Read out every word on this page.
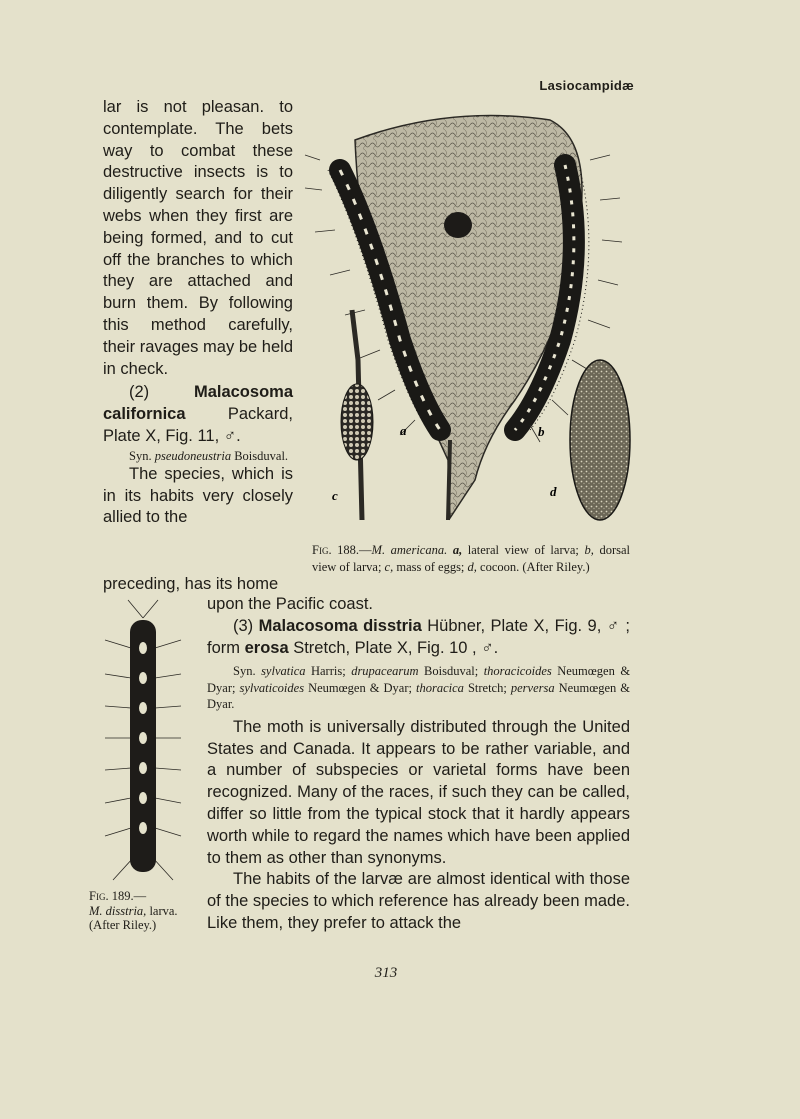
Lasiocampidæ

lar is not pleasan. to contemplate. The bets way to combat these destructive insects is to diligently search for their webs when they first are being formed, and to cut off the branches to which they are attached and burn them. By following this method carefully, their ravages may be held in check.

(2)	Malacosoma californica	Packard, Plate X, Fig. 11, ♂.

Syn. pseudoneustria Boisduval.

The species, which is in its habits very closely allied to the

preceding, has its home
a	b
c	d
Fig. 188.—M. americana. a, lateral view of larva; b, dorsal view of larva; c, mass of eggs; d, cocoon. (After Riley.)
Fig. 189.—
M. disstria, larva. (After Riley.)

upon the Pacific coast.

(3) Malacosoma disstria Hübner, Plate X, Fig. 9, ♂ ; form erosa Stretch, Plate X, Fig. 10 , ♂.

Syn. sylvatica Harris; drupacearum Boisduval; thoracicoides Neumœgen & Dyar; sylvaticoides Neumœgen & Dyar; thoracica Stretch; perversa Neumœgen & Dyar.

The moth is universally distributed through the United States and Canada. It appears to be rather variable, and a number of subspecies or varietal forms have been recognized. Many of the races, if such they can be called, differ so little from the typical stock that it hardly appears worth while to regard the names which have been applied to them as other than synonyms.

The habits of the larvæ are almost identical with those of the species to which reference has already been made. Like them, they prefer to attack the

313
